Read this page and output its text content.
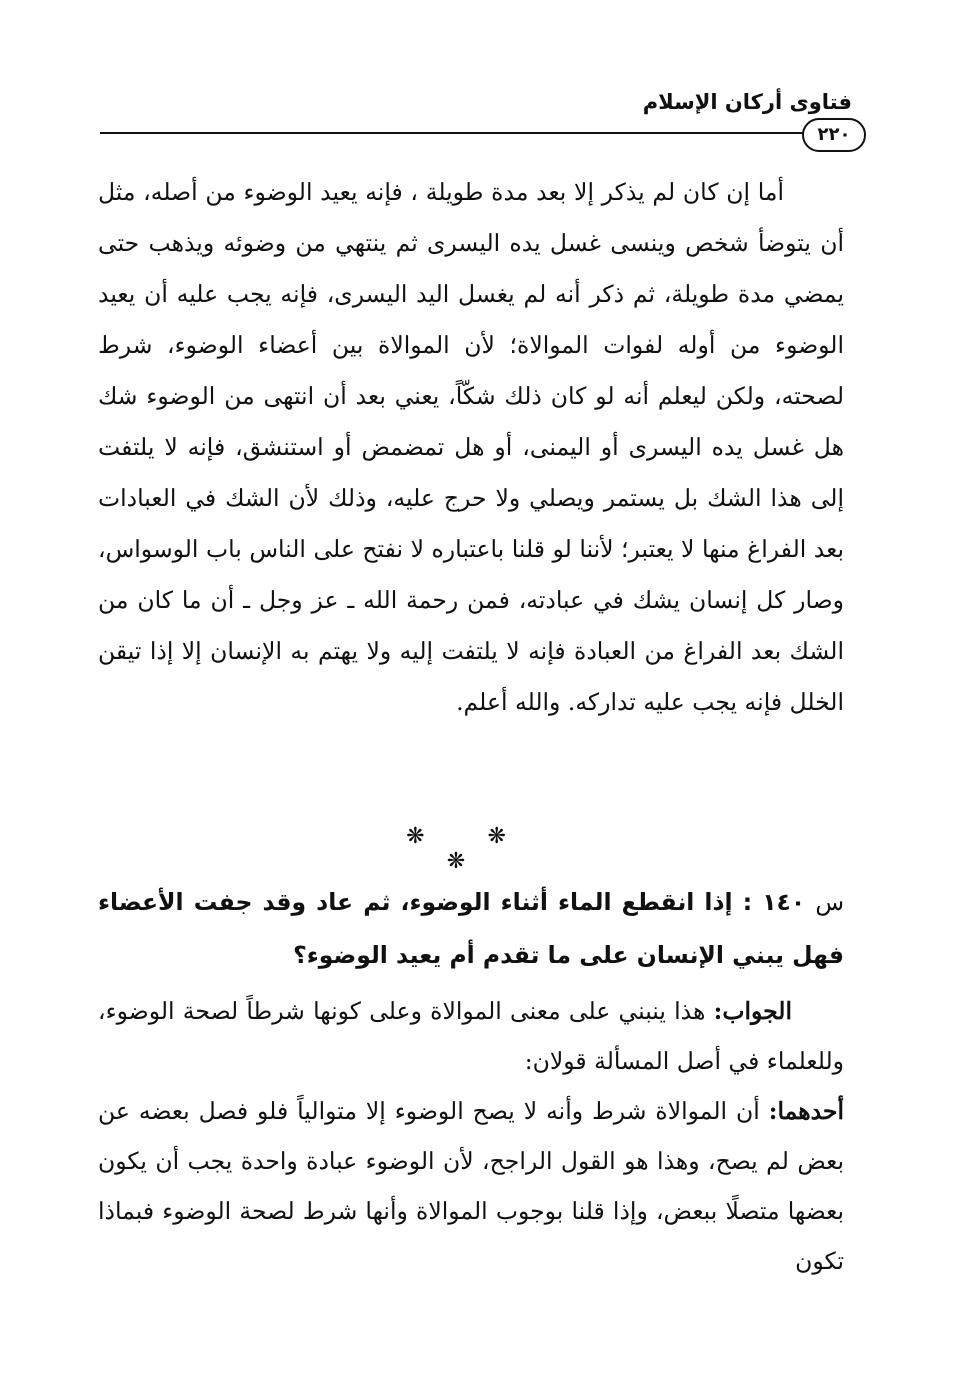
فتاوى أركان الإسلام
٢٢٠

أما إن كان لم يذكر إلا بعد مدة طويلة ، فإنه يعيد الوضوء من أصله، مثل أن يتوضأ شخص وينسى غسل يده اليسرى ثم ينتهي من وضوئه ويذهب حتى يمضي مدة طويلة، ثم ذكر أنه لم يغسل اليد اليسرى، فإنه يجب عليه أن يعيد الوضوء من أوله لفوات الموالاة؛ لأن الموالاة بين أعضاء الوضوء، شرط لصحته، ولكن ليعلم أنه لو كان ذلك شكّاً، يعني بعد أن انتهى من الوضوء شك هل غسل يده اليسرى أو اليمنى، أو هل تمضمض أو استنشق، فإنه لا يلتفت إلى هذا الشك بل يستمر ويصلي ولا حرج عليه، وذلك لأن الشك في العبادات بعد الفراغ منها لا يعتبر؛ لأننا لو قلنا باعتباره لا نفتح على الناس باب الوسواس، وصار كل إنسان يشك في عبادته، فمن رحمة الله ـ عز وجل ـ أن ما كان من الشك بعد الفراغ من العبادة فإنه لا يلتفت إليه ولا يهتم به الإنسان إلا إذا تيقن الخلل فإنه يجب عليه تداركه. والله أعلم.

❋ ❋ ❋
س ١٤٠ : إذا انقطع الماء أثناء الوضوء، ثم عاد وقد جفت الأعضاء فهل يبني الإنسان على ما تقدم أم يعيد الوضوء؟

الجواب: هذا ينبني على معنى الموالاة وعلى كونها شرطاً لصحة الوضوء، وللعلماء في أصل المسألة قولان:

أحدهما: أن الموالاة شرط وأنه لا يصح الوضوء إلا متوالياً فلو فصل بعضه عن بعض لم يصح، وهذا هو القول الراجح، لأن الوضوء عبادة واحدة يجب أن يكون بعضها متصلًا ببعض، وإذا قلنا بوجوب الموالاة وأنها شرط لصحة الوضوء فبماذا تكون
